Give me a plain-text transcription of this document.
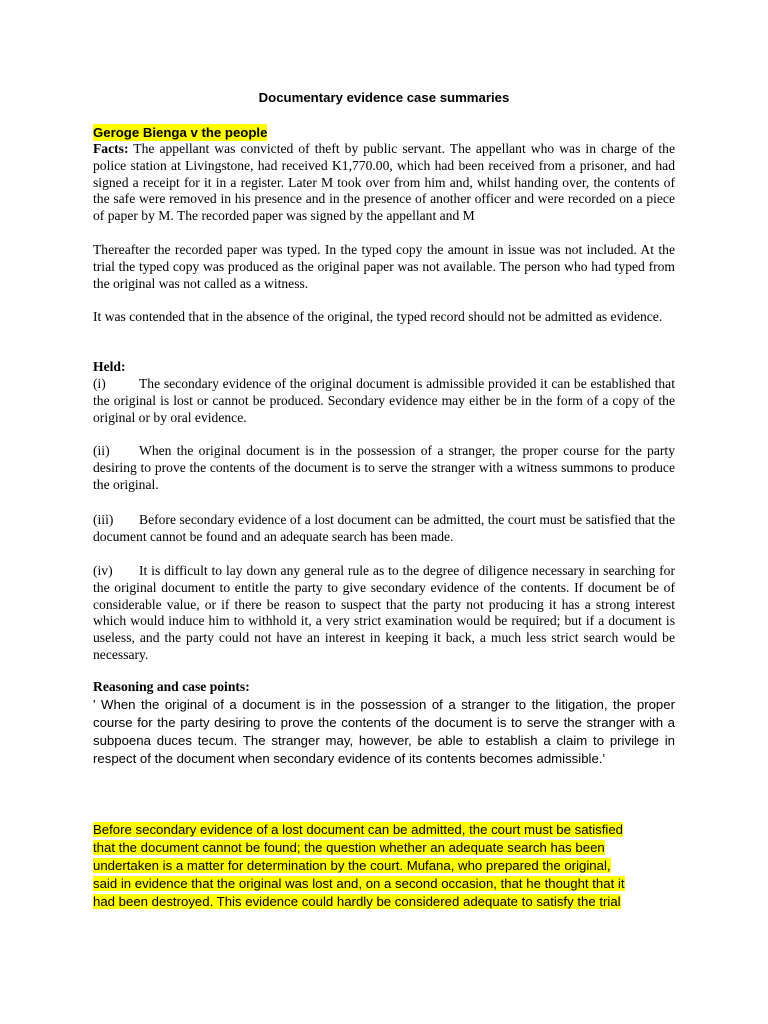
Documentary evidence case summaries
Geroge Bienga v the people

Facts: The appellant was convicted of theft by public servant. The appellant who was in charge of the police station at Livingstone, had received K1,770.00, which had been received from a prisoner, and had signed a receipt for it in a register. Later M took over from him and, whilst handing over, the contents of the safe were removed in his presence and in the presence of another officer and were recorded on a piece of paper by M. The recorded paper was signed by the appellant and M

Thereafter the recorded paper was typed. In the typed copy the amount in issue was not included. At the trial the typed copy was produced as the original paper was not available. The person who had typed from the original was not called as a witness.

It was contended that in the absence of the original, the typed record should not be admitted as evidence.

Held:

(i) The secondary evidence of the original document is admissible provided it can be established that the original is lost or cannot be produced. Secondary evidence may either be in the form of a copy of the original or by oral evidence.

(ii) When the original document is in the possession of a stranger, the proper course for the party desiring to prove the contents of the document is to serve the stranger with a witness summons to produce the original.

(iii) Before secondary evidence of a lost document can be admitted, the court must be satisfied that the document cannot be found and an adequate search has been made.

(iv) It is difficult to lay down any general rule as to the degree of diligence necessary in searching for the original document to entitle the party to give secondary evidence of the contents. If document be of considerable value, or if there be reason to suspect that the party not producing it has a strong interest which would induce him to withhold it, a very strict examination would be required; but if a document is useless, and the party could not have an interest in keeping it back, a much less strict search would be necessary.

Reasoning and case points:

' When the original of a document is in the possession of a stranger to the litigation, the proper course for the party desiring to prove the contents of the document is to serve the stranger with a subpoena duces tecum. The stranger may, however, be able to establish a claim to privilege in respect of the document when secondary evidence of its contents becomes admissible.'

Before secondary evidence of a lost document can be admitted, the court must be satisfied
that the document cannot be found; the question whether an adequate search has been
undertaken is a matter for determination by the court. Mufana, who prepared the original,
said in evidence that the original was lost and, on a second occasion, that he thought that it
had been destroyed. This evidence could hardly be considered adequate to satisfy the trial
